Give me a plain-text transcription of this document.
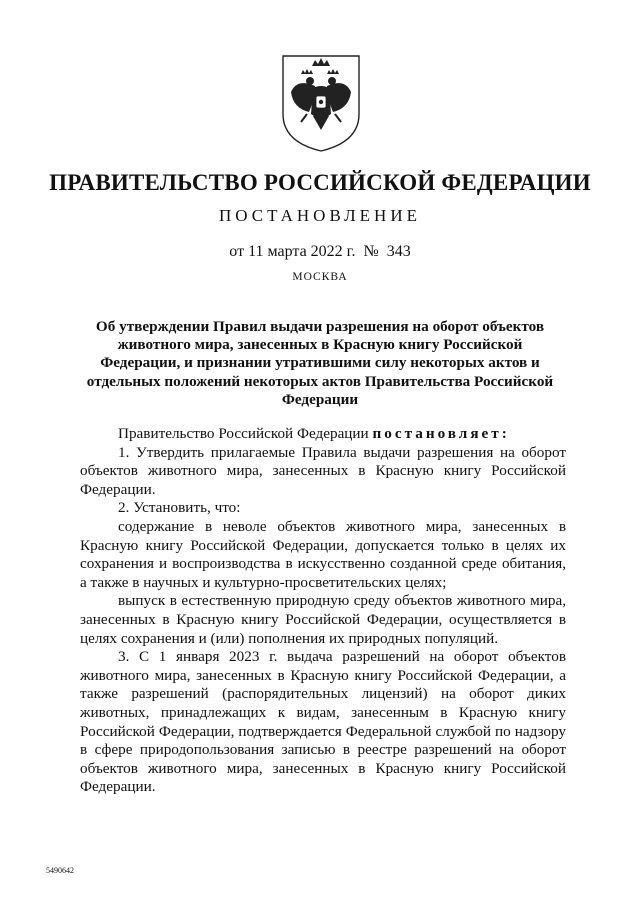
ПРАВИТЕЛЬСТВО РОССИЙСКОЙ ФЕДЕРАЦИИ
ПОСТАНОВЛЕНИЕ
от 11 марта 2022 г.  №  343
МОСКВА
Об утверждении Правил выдачи разрешения на оборот объектов животного мира, занесенных в Красную книгу Российской Федерации, и признании утратившими силу некоторых актов и отдельных положений некоторых актов Правительства Российской Федерации

Правительство Российской Федерации постановляет:

1. Утвердить прилагаемые Правила выдачи разрешения на оборот объектов животного мира, занесенных в Красную книгу Российской Федерации.

2. Установить, что:

содержание в неволе объектов животного мира, занесенных в Красную книгу Российской Федерации, допускается только в целях их сохранения и воспроизводства в искусственно созданной среде обитания, а также в научных и культурно-просветительских целях;

выпуск в естественную природную среду объектов животного мира, занесенных в Красную книгу Российской Федерации, осуществляется в целях сохранения и (или) пополнения их природных популяций.

3. С 1 января 2023 г. выдача разрешений на оборот объектов животного мира, занесенных в Красную книгу Российской Федерации, а также разрешений (распорядительных лицензий) на оборот диких животных, принадлежащих к видам, занесенным в Красную книгу Российской Федерации, подтверждается Федеральной службой по надзору в сфере природопользования записью в реестре разрешений на оборот объектов животного мира, занесенных в Красную книгу Российской Федерации.

5490642
